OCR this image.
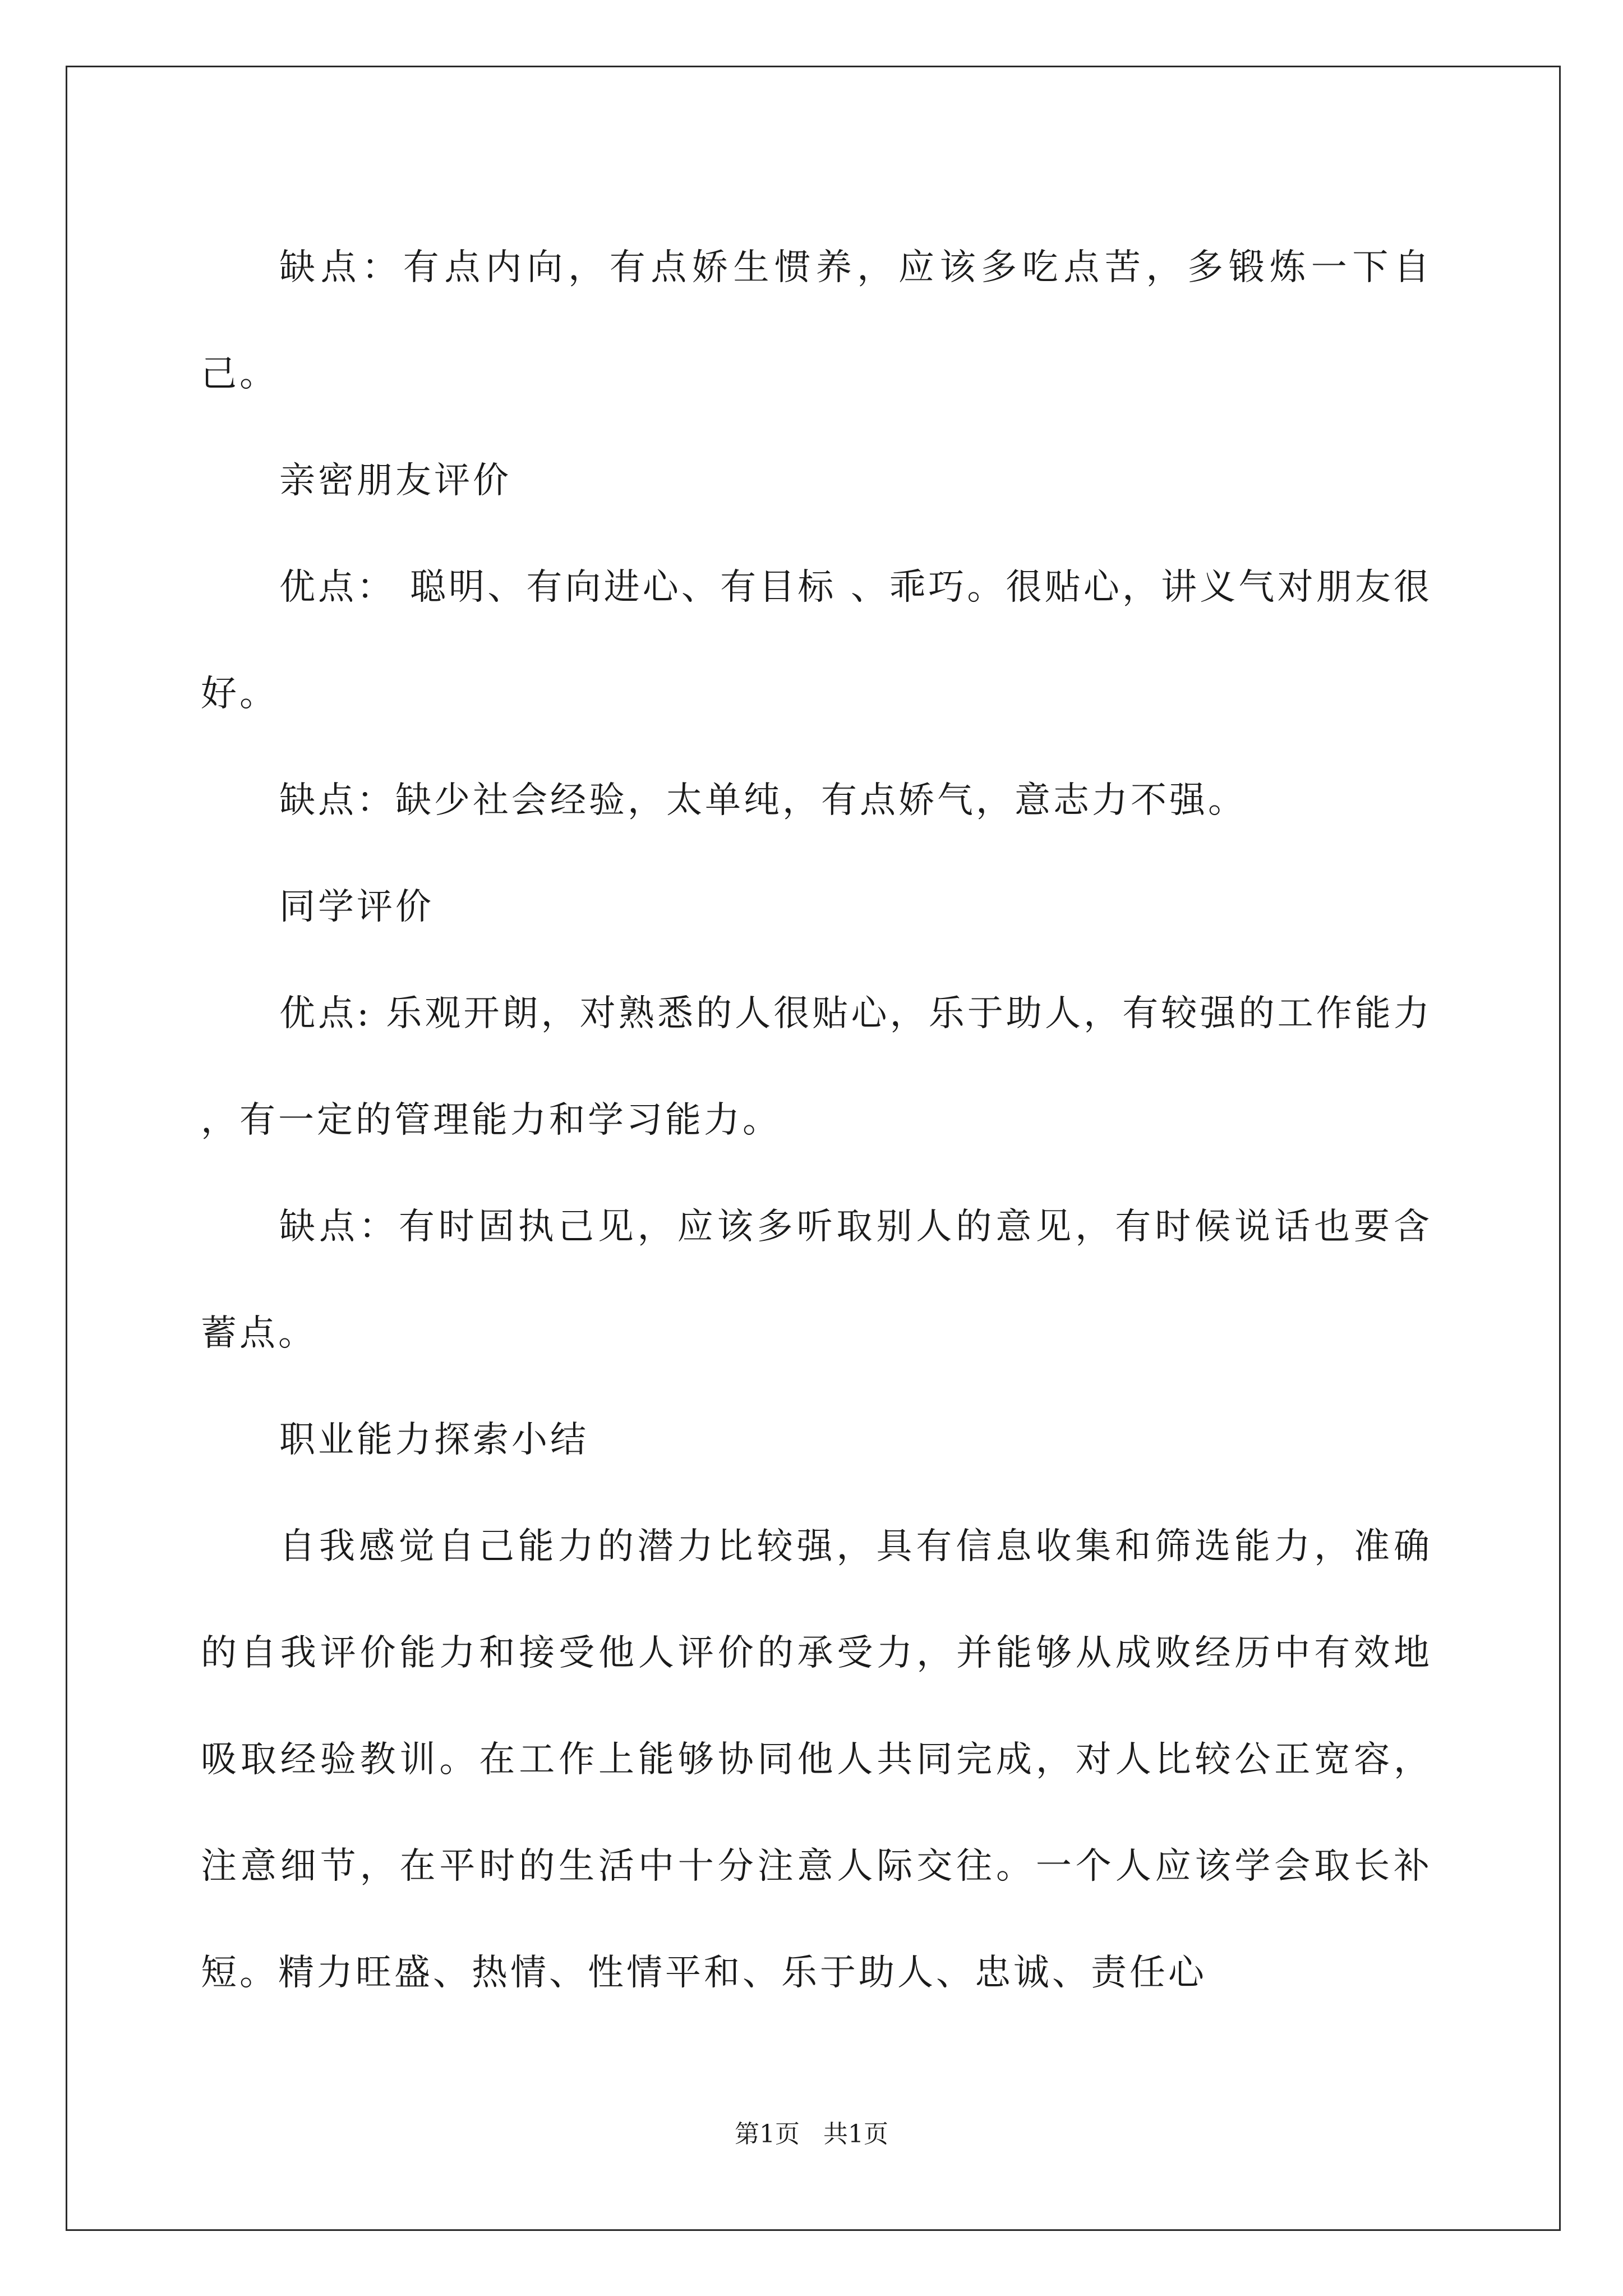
缺点：有点内向，有点娇生惯养，应该多吃点苦，多锻炼一下自己。

亲密朋友评价

优点： 聪明、有向进心、有目标 、乖巧。很贴心，讲义气对朋友很好。

缺点：缺少社会经验，太单纯，有点娇气，意志力不强。

同学评价

优点: 乐观开朗，对熟悉的人很贴心，乐于助人，有较强的工作能力 ，有一定的管理能力和学习能力。

缺点：有时固执己见，应该多听取别人的意见，有时候说话也要含蓄点。

职业能力探索小结

自我感觉自己能力的潜力比较强，具有信息收集和筛选能力，准确的自我评价能力和接受他人评价的承受力，并能够从成败经历中有效地吸取经验教训。在工作上能够协同他人共同完成，对人比较公正宽容，注意细节，在平时的生活中十分注意人际交往。一个人应该学会取长补短。精力旺盛、热情、性情平和、乐于助人、忠诚、责任心

第1页 共1页
